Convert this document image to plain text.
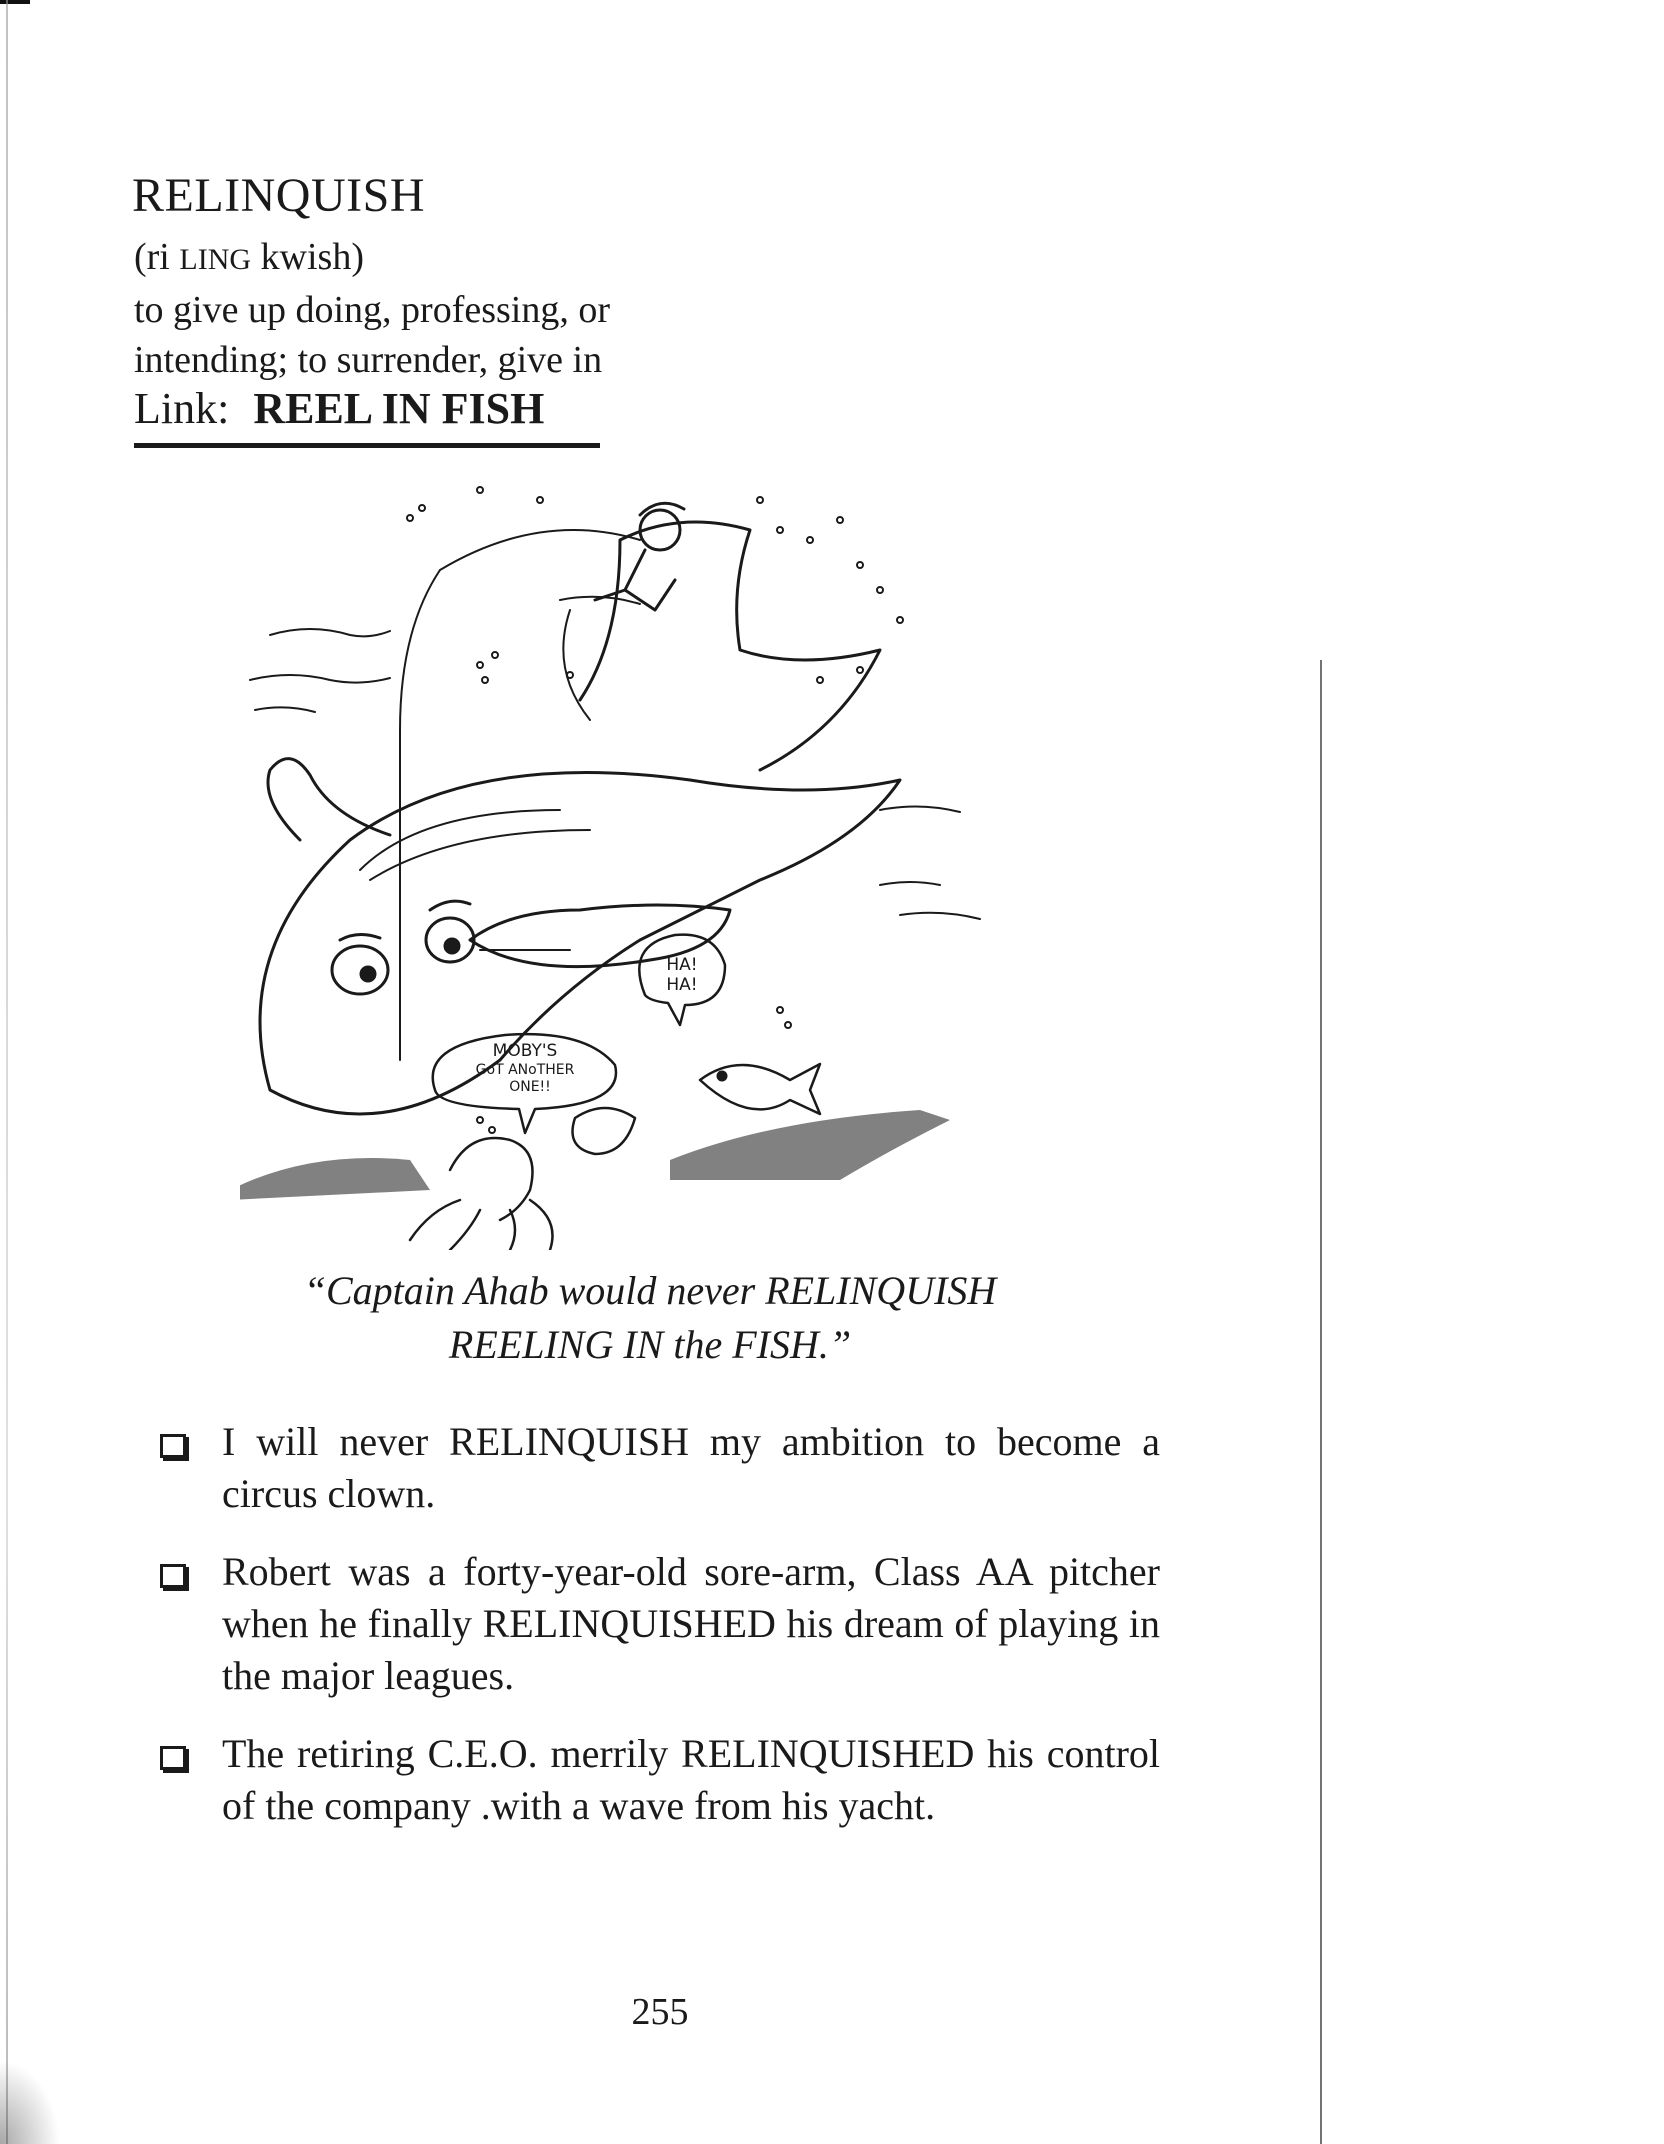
RELINQUISH

(ri LING kwish)

to give up doing, professing, or intending; to surrender, give in

Link: REEL IN FISH

HA!
HA!
MOBY'S
GoT ANoTHER
ONE!!

“Captain Ahab would never RELINQUISH
REELING IN the FISH.”

I will never RELINQUISH my ambition to become a circus clown.
Robert was a forty-year-old sore-arm, Class AA pitcher when he finally RELINQUISHED his dream of playing in the major leagues.
The retiring C.E.O. merrily RELINQUISHED his control of the company .with a wave from his yacht.

255
